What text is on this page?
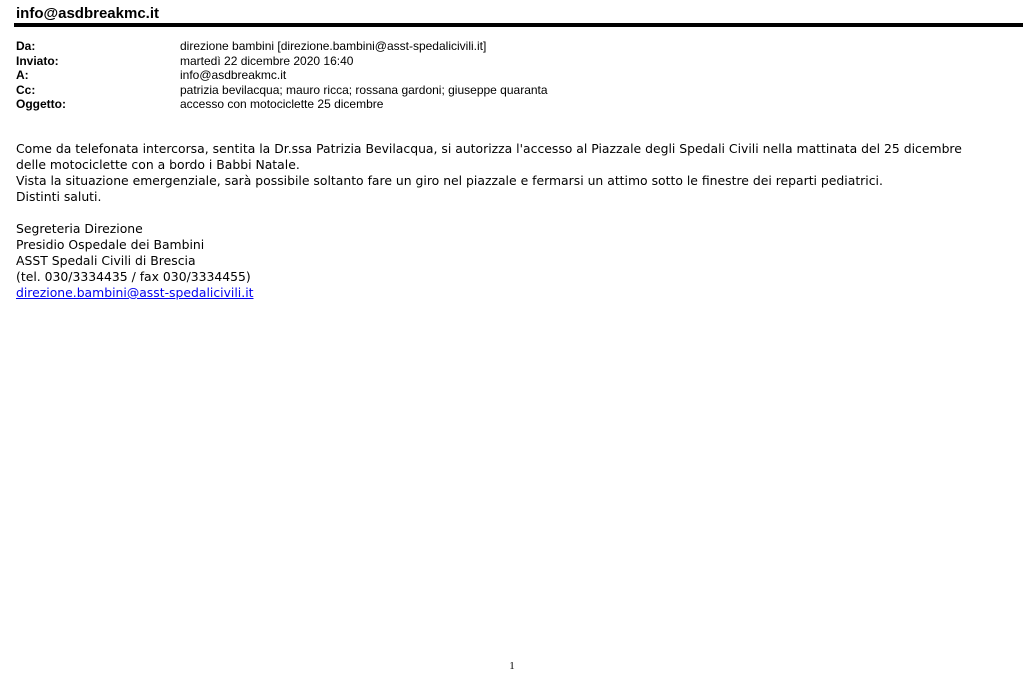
info@asdbreakmc.it
Da:	direzione bambini [direzione.bambini@asst-spedalicivili.it]
Inviato:	martedì 22 dicembre 2020 16:40
A:	info@asdbreakmc.it
Cc:	patrizia bevilacqua; mauro ricca; rossana gardoni; giuseppe quaranta
Oggetto:	accesso con motociclette 25 dicembre
Come da telefonata intercorsa, sentita la Dr.ssa Patrizia Bevilacqua, si autorizza l'accesso al Piazzale degli Spedali Civili nella mattinata del 25 dicembre
delle motociclette con a bordo i Babbi Natale.
Vista la situazione emergenziale, sarà possibile soltanto fare un giro nel piazzale e fermarsi un attimo sotto le finestre dei reparti pediatrici.
Distinti saluti.
Segreteria Direzione
Presidio Ospedale dei Bambini
ASST Spedali Civili di Brescia
(tel. 030/3334435 / fax 030/3334455)
direzione.bambini@asst-spedalicivili.it
1
